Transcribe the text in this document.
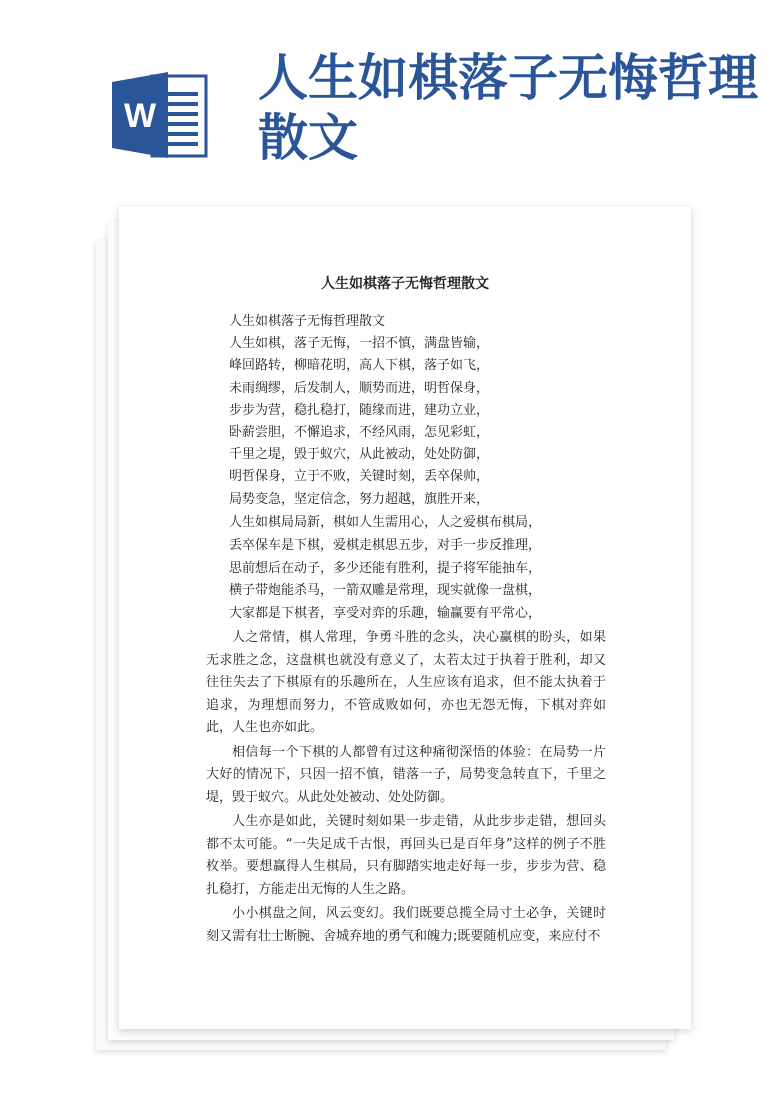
W
人生如棋落子无悔哲理散文
人生如棋落子无悔哲理散文
人生如棋落子无悔哲理散文
人生如棋，落子无悔，一招不慎，满盘皆输，
峰回路转，柳暗花明，高人下棋，落子如飞，
未雨绸缪，后发制人，顺势而进，明哲保身，
步步为营，稳扎稳打，随缘而进，建功立业，
卧薪尝胆，不懈追求，不经风雨，怎见彩虹，
千里之堤，毁于蚁穴，从此被动，处处防御，
明哲保身，立于不败，关键时刻，丢卒保帅，
局势变急，坚定信念，努力超越，旗胜开来，
人生如棋局局新，棋如人生需用心，人之爱棋布棋局，
丢卒保车是下棋，爱棋走棋思五步，对手一步反推理，
思前想后在动子，多少还能有胜利，提子将军能抽车，
横子带炮能杀马，一箭双雕是常理，现实就像一盘棋，
大家都是下棋者，享受对弈的乐趣，输赢要有平常心，

人之常情，棋人常理，争勇斗胜的念头，决心赢棋的盼头，如果无求胜之念，这盘棋也就没有意义了，太若太过于执着于胜利，却又往往失去了下棋原有的乐趣所在，人生应该有追求，但不能太执着于追求，为理想而努力，不管成败如何，亦也无怨无悔，下棋对弈如此，人生也亦如此。

相信每一个下棋的人都曾有过这种痛彻深悟的体验：在局势一片大好的情况下，只因一招不慎，错落一子，局势变急转直下，千里之堤，毁于蚁穴。从此处处被动、处处防御。

人生亦是如此，关键时刻如果一步走错，从此步步走错，想回头都不太可能。“一失足成千古恨，再回头已是百年身”这样的例子不胜枚举。要想赢得人生棋局，只有脚踏实地走好每一步，步步为营、稳扎稳打，方能走出无悔的人生之路。

小小棋盘之间，风云变幻。我们既要总揽全局寸土必争，关键时刻又需有壮士断腕、舍城弃地的勇气和魄力;既要随机应变，来应付不
